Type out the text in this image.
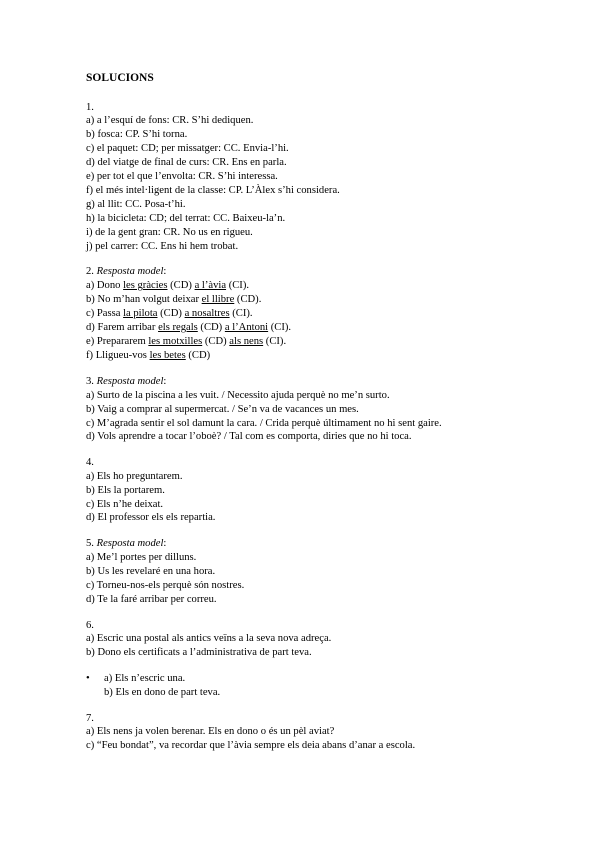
SOLUCIONS
1.
a) a l’esquí de fons: CR. S’hi dediquen.
b) fosca: CP. S’hi torna.
c) el paquet: CD; per missatger: CC. Envia-l’hi.
d) del viatge de final de curs: CR. Ens en parla.
e) per tot el que l’envolta: CR. S’hi interessa.
f) el més intel·ligent de la classe: CP. L’Àlex s’hi considera.
g) al llit: CC. Posa-t’hi.
h) la bicicleta: CD; del terrat: CC. Baixeu-la’n.
i) de la gent gran: CR. No us en rigueu.
j) pel carrer: CC. Ens hi hem trobat.
2. Resposta model:
a) Dono les gràcies (CD) a l’àvia (CI).
b) No m’han volgut deixar el llibre (CD).
c) Passa la pilota (CD) a nosaltres (CI).
d) Farem arribar els regals (CD) a l’Antoni (CI).
e) Prepararem les motxilles (CD) als nens (CI).
f) Lligueu-vos les betes (CD)
3. Resposta model:
a) Surto de la piscina a les vuit. / Necessito ajuda perquè no me’n surto.
b) Vaig a comprar al supermercat. / Se’n va de vacances un mes.
c) M’agrada sentir el sol damunt la cara. / Crida perquè últimament no hi sent gaire.
d) Vols aprendre a tocar l’oboè? / Tal com es comporta, diries que no hi toca.
4.
a) Els ho preguntarem.
b) Els la portarem.
c) Els n’he deixat.
d) El professor els els repartia.
5. Resposta model:
a) Me’l portes per dilluns.
b) Us les revelaré en una hora.
c) Torneu-nos-els perquè són nostres.
d) Te la faré arribar per correu.
6.
a) Escric una postal als antics veïns a la seva nova adreça.
b) Dono els certificats a l’administrativa de part teva.
• a) Els n’escric una.
b) Els en dono de part teva.
7.
a) Els nens ja volen berenar. Els en dono o és un pèl aviat?
c) “Feu bondat”, va recordar que l’àvia sempre els deia abans d’anar a escola.
